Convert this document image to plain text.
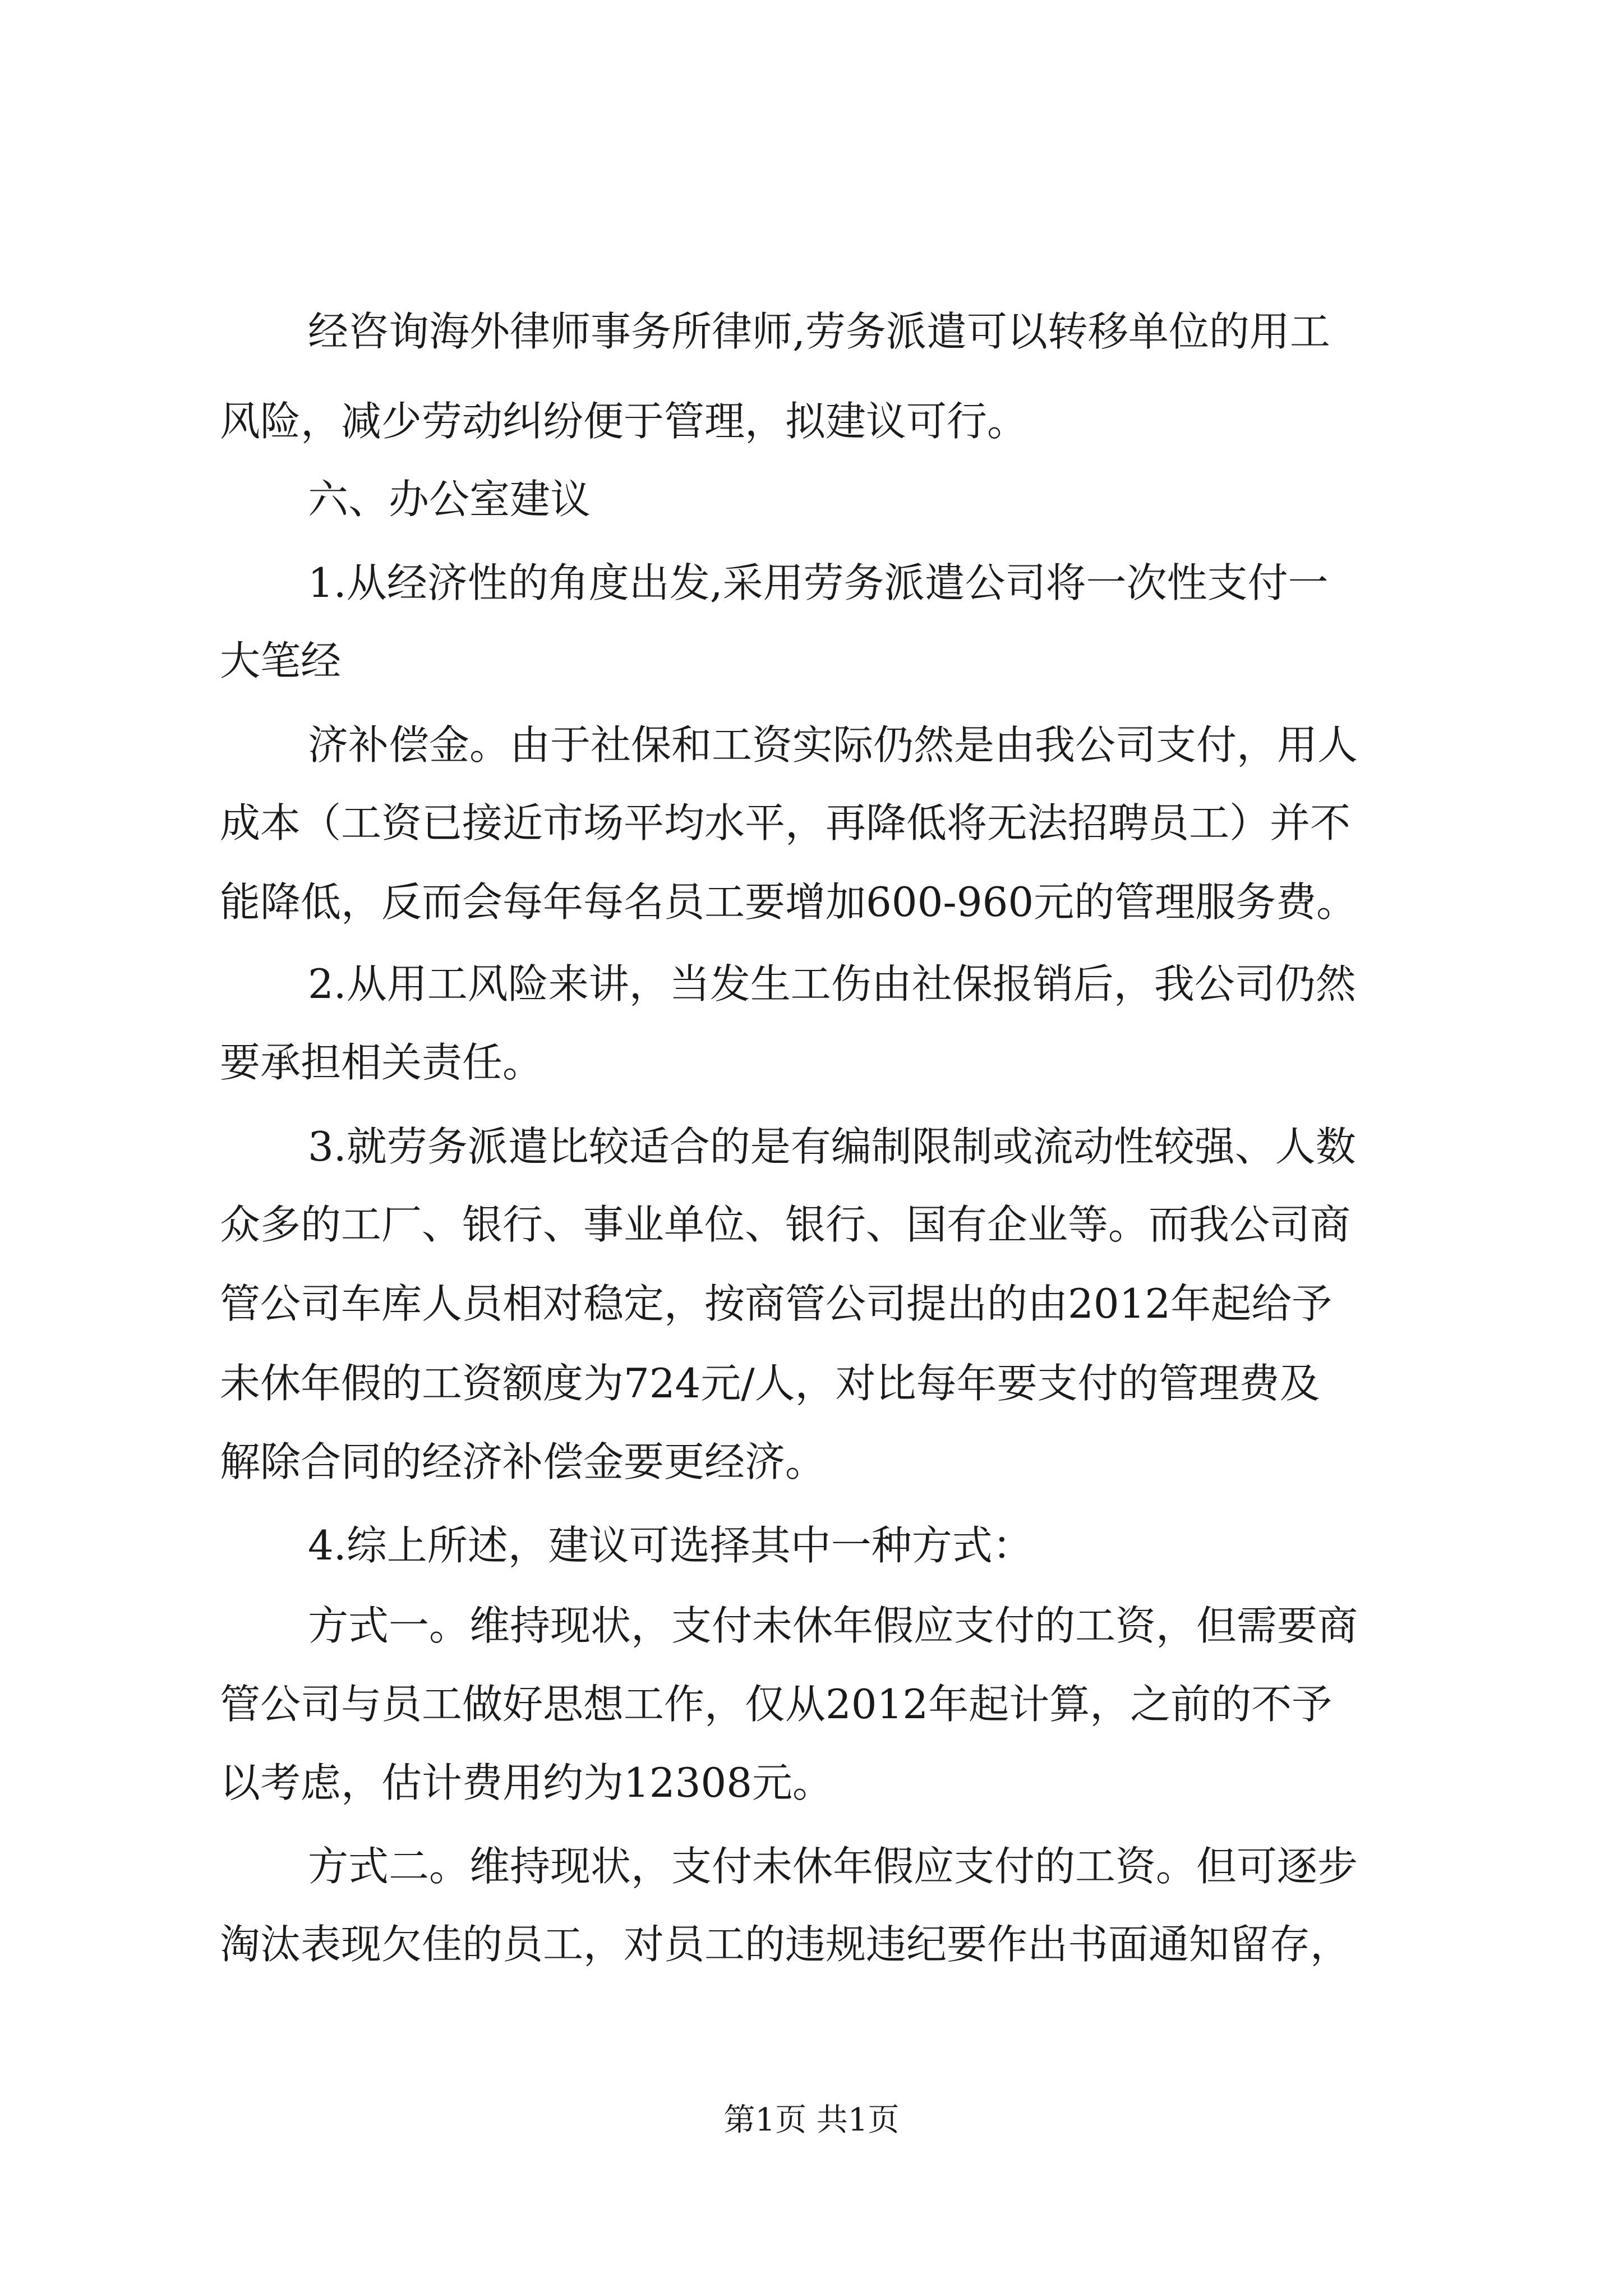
经咨询海外律师事务所律师,劳务派遣可以转移单位的用工
风险，减少劳动纠纷便于管理，拟建议可行。
六、办公室建议
1.从经济性的角度出发,采用劳务派遣公司将一次性支付一
大笔经
济补偿金。由于社保和工资实际仍然是由我公司支付，用人
成本（工资已接近市场平均水平，再降低将无法招聘员工）并不
能降低，反而会每年每名员工要增加600-960元的管理服务费。
2.从用工风险来讲，当发生工伤由社保报销后，我公司仍然
要承担相关责任。
3.就劳务派遣比较适合的是有编制限制或流动性较强、人数
众多的工厂、银行、事业单位、银行、国有企业等。而我公司商
管公司车库人员相对稳定，按商管公司提出的由2012年起给予
未休年假的工资额度为724元/人，对比每年要支付的管理费及
解除合同的经济补偿金要更经济。
4.综上所述，建议可选择其中一种方式：
方式一。维持现状，支付未休年假应支付的工资，但需要商
管公司与员工做好思想工作，仅从2012年起计算，之前的不予
以考虑，估计费用约为12308元。
方式二。维持现状，支付未休年假应支付的工资。但可逐步
淘汰表现欠佳的员工，对员工的违规违纪要作出书面通知留存，
第1页 共1页
